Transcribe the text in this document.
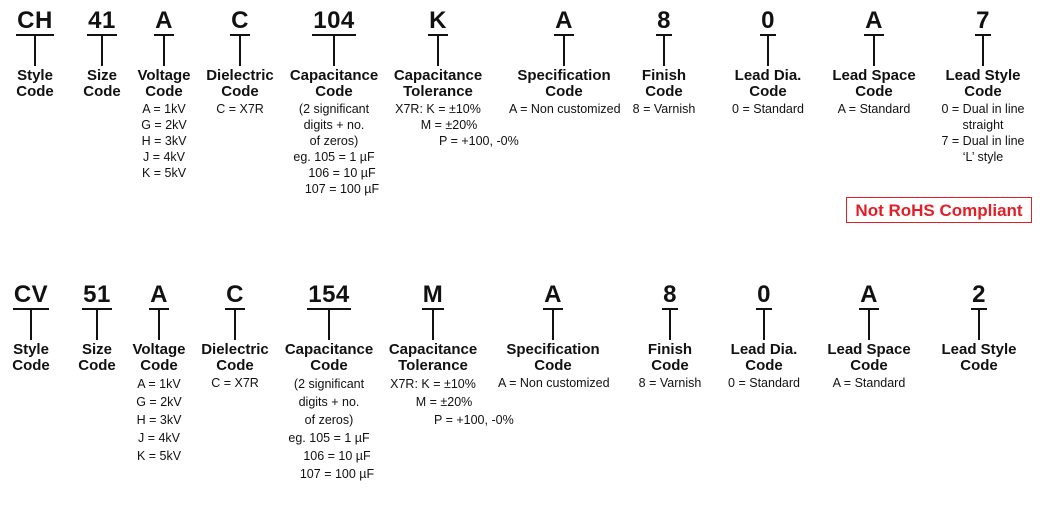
CH
Style
Code
41
Size
Code
A
Voltage
Code
A = 1kV
G = 2kV
H = 3kV
J = 4kV
K = 5kV
C
Dielectric
Code
C = X7R
104
Capacitance
Code
(2 significant
digits + no.
of zeros)
eg. 105 = 1 µF
106 = 10 µF
107 = 100 µF
K
Capacitance
Tolerance
X7R: K = ±10%
M = ±20%
P = +100, -0%
A
Specification
Code
A = Non customized
8
Finish
Code
8 = Varnish
0
Lead Dia.
Code
0 = Standard
A
Lead Space
Code
A = Standard
7
Lead Style
Code
0 = Dual in line
straight
7 = Dual in line
‘L’ style
Not RoHS Compliant
CV
Style
Code
51
Size
Code
A
Voltage
Code
A = 1kV
G = 2kV
H = 3kV
J = 4kV
K = 5kV
C
Dielectric
Code
C = X7R
154
Capacitance
Code
(2 significant
digits + no.
of zeros)
eg. 105 = 1 µF
106 = 10 µF
107 = 100 µF
M
Capacitance
Tolerance
X7R: K = ±10%
M = ±20%
P = +100, -0%
A
Specification
Code
A = Non customized
8
Finish
Code
8 = Varnish
0
Lead Dia.
Code
0 = Standard
A
Lead Space
Code
A = Standard
2
Lead Style
Code
